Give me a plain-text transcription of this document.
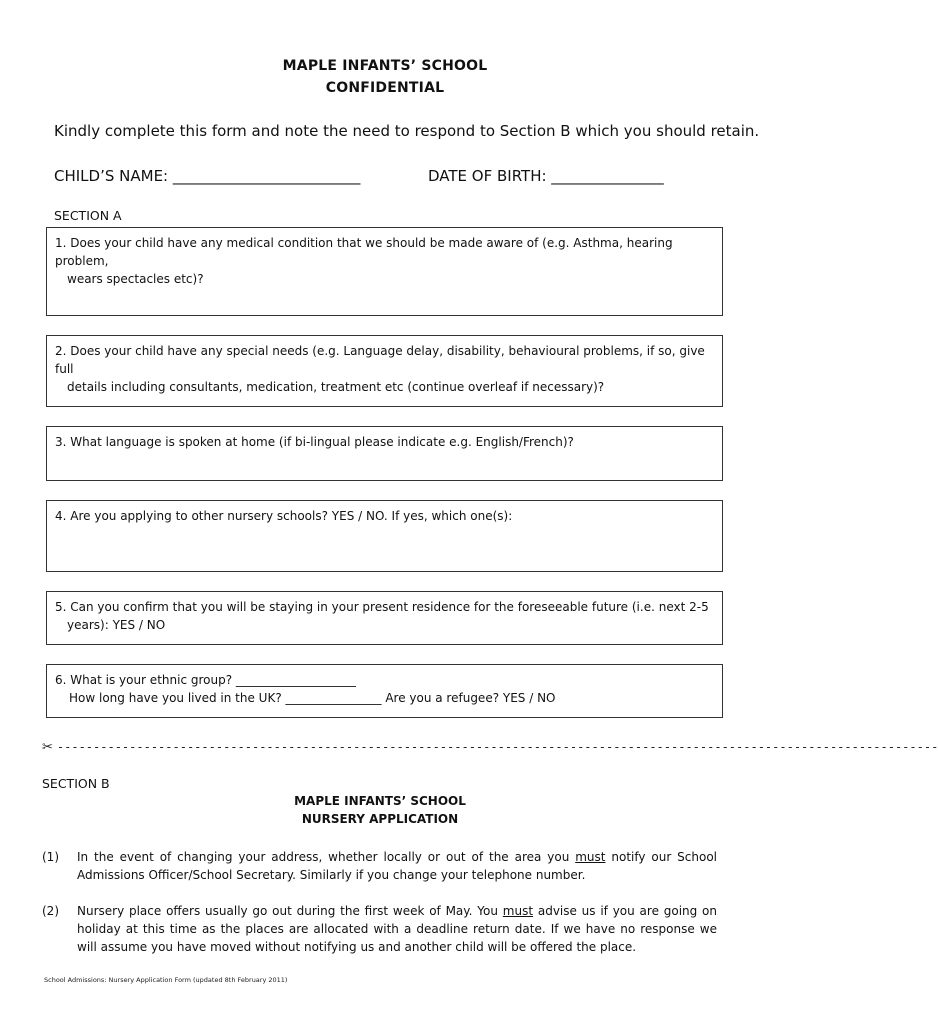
MAPLE INFANTS’ SCHOOL
CONFIDENTIAL
Kindly complete this form and note the need to respond to Section B which you should retain.
CHILD’S NAME: _________________________	DATE OF BIRTH: _______________
SECTION A
1. Does your child have any medical condition that we should be made aware of (e.g. Asthma, hearing problem,
wears spectacles etc)?
2. Does your child have any special needs (e.g. Language delay, disability, behavioural problems, if so, give full
details including consultants, medication, treatment etc (continue overleaf if necessary)?
3. What language is spoken at home (if bi-lingual please indicate e.g. English/French)?
4. Are you applying to other nursery schools? YES / NO. If yes, which one(s):
5. Can you confirm that you will be staying in your present residence for the foreseeable future (i.e. next 2-5
years): YES / NO
6. What is your ethnic group? ____________________
How long have you lived in the UK? ________________ Are you a refugee? YES / NO
✂ --------------------------------------------------------------------------------------------------------------------------
SECTION B
MAPLE INFANTS’ SCHOOL
NURSERY APPLICATION
(1) In the event of changing your address, whether locally or out of the area you must notify our School Admissions Officer/School Secretary. Similarly if you change your telephone number.
(2) Nursery place offers usually go out during the first week of May. You must advise us if you are going on holiday at this time as the places are allocated with a deadline return date. If we have no response we will assume you have moved without notifying us and another child will be offered the place.
School Admissions: Nursery Application Form (updated 8th February 2011)
